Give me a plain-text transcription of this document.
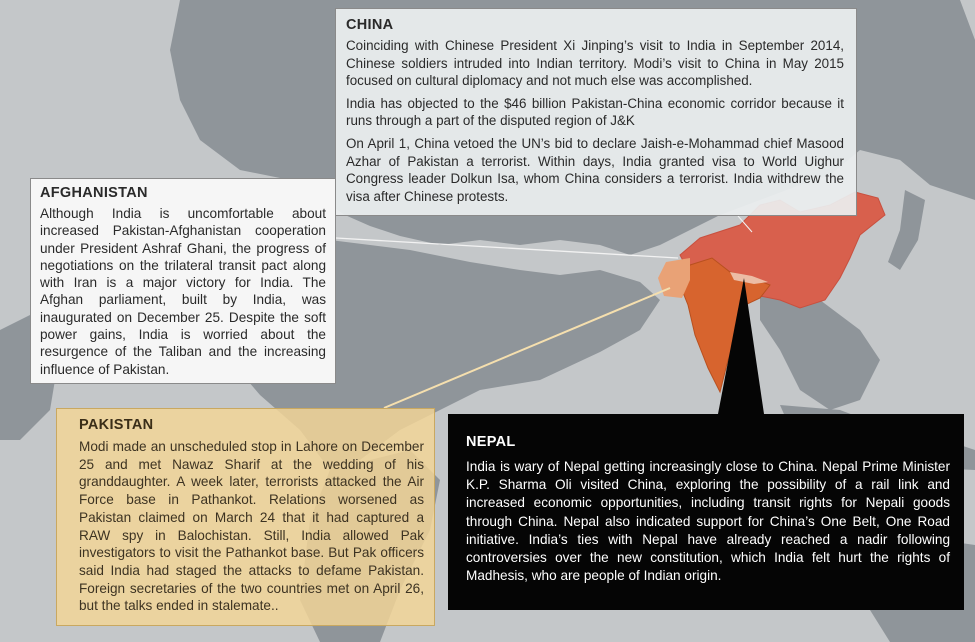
CHINA

Coinciding with Chinese President Xi Jinping’s visit to India in September 2014, Chinese soldiers intruded into Indian territory. Modi’s visit to China in May 2015 focused on cultural diplomacy and not much else was accomplished.

India has objected to the $46 billion Pakistan-China economic corridor because it runs through a part of the disputed region of J&K

On April 1, China vetoed the UN’s bid to declare Jaish-e-Mohammad chief Masood Azhar of Pakistan a terrorist. Within days, India granted visa to World Uighur Congress leader Dolkun Isa, whom China considers a terrorist. India withdrew the visa after Chinese protests.

AFGHANISTAN

Although India is uncomfortable about increased Pakistan-Afghanistan cooperation under President Ashraf Ghani, the progress of negotiations on the trilateral transit pact along with Iran is a major victory for India. The Afghan parliament, built by India, was inaugurated on December 25. Despite the soft power gains, India is worried about the resurgence of the Taliban and the increasing influence of Pakistan.

PAKISTAN

Modi made an unscheduled stop in Lahore on December 25 and met Nawaz Sharif at the wedding of his granddaughter. A week later, terrorists attacked the Air Force base in Pathankot. Relations worsened as Pakistan claimed on March 24 that it had captured a RAW spy in Balochistan. Still, India allowed Pak investigators to visit the Pathankot base. But Pak officers said India had staged the attacks to defame Pakistan. Foreign secretaries of the two countries met on April 26, but the talks ended in stalemate..

NEPAL

India is wary of Nepal getting increasingly close to China. Nepal Prime Minister K.P. Sharma Oli visited China, exploring the possibility of a rail link and increased economic opportunities, including transit rights for Nepali goods through China. Nepal also indicated support for China’s One Belt, One Road initiative. India’s ties with Nepal have already reached a nadir following controversies over the new constitution, which India felt hurt the rights of Madhesis, who are people of Indian origin.
